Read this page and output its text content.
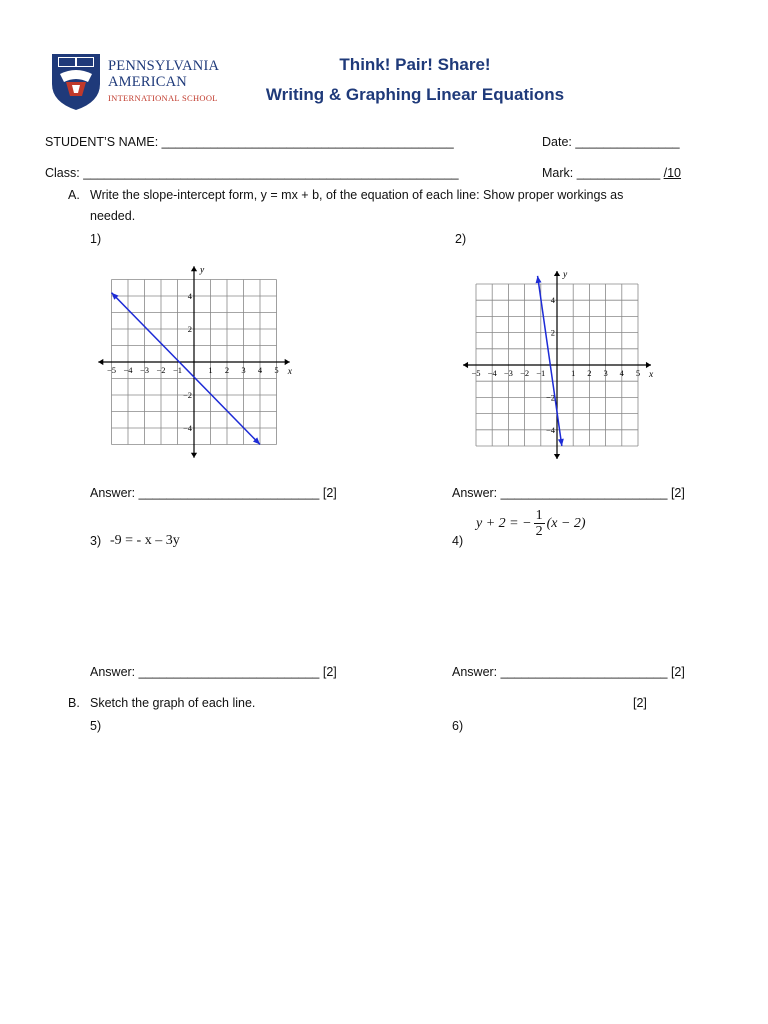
PENNSYLVANIA
AMERICAN
INTERNATIONAL SCHOOL
Think! Pair! Share!
Writing & Graphing Linear Equations
STUDENT’S NAME: __________________________________________	Date: _______________
Class: ______________________________________________________	Mark: ____________ /10
A. Write the slope-intercept form, y = mx + b, of the equation of each line: Show proper workings as
needed.
1)	2)
−5 −4 −3 −2 −1	1 2 3 4 5
4
2
−2
−4
x
y
−5 −4 −3 −2 −1	1 2 3 4 5
4
2
−2
−4
x
y
Answer: __________________________ [2]	Answer: ________________________ [2]
3) -9 = - x – 3y	4)
y + 2 = − 1
2
(x − 2)
Answer: __________________________ [2]	Answer: ________________________ [2]
B. Sketch the graph of each line.	[2]
5)	6)
